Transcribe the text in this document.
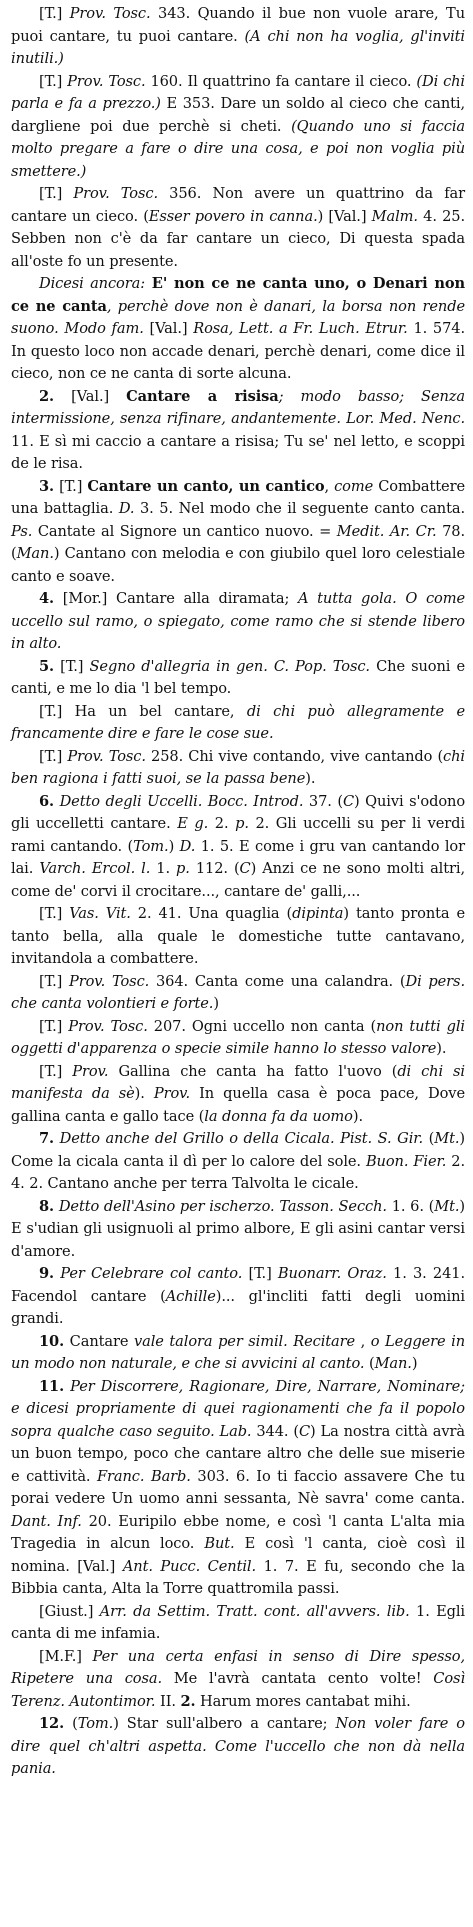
[T.] Prov. Tosc. 343. Quando il bue non vuole arare, Tu puoi cantare, tu puoi cantare. (A chi non ha voglia, gl'inviti inutili.)

[T.] Prov. Tosc. 160. Il quattrino fa cantare il cieco. (Di chi parla e fa a prezzo.) E 353. Dare un soldo al cieco che canti, dargliene poi due perchè si cheti. (Quando uno si faccia molto pregare a fare o dire una cosa, e poi non voglia più smettere.)

[T.] Prov. Tosc. 356. Non avere un quattrino da far cantare un cieco. (Esser povero in canna.) [Val.] Malm. 4. 25. Sebben non c'è da far cantare un cieco, Di questa spada all'oste fo un presente.

Dicesi ancora: E' non ce ne canta uno, o Denari non ce ne canta, perchè dove non è danari, la borsa non rende suono. Modo fam. [Val.] Rosa, Lett. a Fr. Luch. Etrur. 1. 574. In questo loco non accade denari, perchè denari, come dice il cieco, non ce ne canta di sorte alcuna.

2. [Val.] Cantare a risisa; modo basso; Senza intermissione, senza rifinare, andantemente. Lor. Med. Nenc. 11. E sì mi caccio a cantare a risisa; Tu se' nel letto, e scoppi de le risa.

3. [T.] Cantare un canto, un cantico, come Combattere una battaglia. D. 3. 5. Nel modo che il seguente canto canta. Ps. Cantate al Signore un cantico nuovo. = Medit. Ar. Cr. 78. (Man.) Cantano con melodia e con giubilo quel loro celestiale canto e soave.

4. [Mor.] Cantare alla diramata; A tutta gola. O come uccello sul ramo, o spiegato, come ramo che si stende libero in alto.

5. [T.] Segno d'allegria in gen. C. Pop. Tosc. Che suoni e canti, e me lo dia 'l bel tempo.

[T.] Ha un bel cantare, di chi può allegramente e francamente dire e fare le cose sue.

[T.] Prov. Tosc. 258. Chi vive contando, vive cantando (chi ben ragiona i fatti suoi, se la passa bene).

6. Detto degli Uccelli. Bocc. Introd. 37. (C) Quivi s'odono gli uccelletti cantare. E g. 2. p. 2. Gli uccelli su per li verdi rami cantando. (Tom.) D. 1. 5. E come i gru van cantando lor lai. Varch. Ercol. l. 1. p. 112. (C) Anzi ce ne sono molti altri, come de' corvi il crocitare..., cantare de' galli,...

[T.] Vas. Vit. 2. 41. Una quaglia (dipinta) tanto pronta e tanto bella, alla quale le domestiche tutte cantavano, invitandola a combattere.

[T.] Prov. Tosc. 364. Canta come una calandra. (Di pers. che canta volontieri e forte.)

[T.] Prov. Tosc. 207. Ogni uccello non canta (non tutti gli oggetti d'apparenza o specie simile hanno lo stesso valore).

[T.] Prov. Gallina che canta ha fatto l'uovo (di chi si manifesta da sè). Prov. In quella casa è poca pace, Dove gallina canta e gallo tace (la donna fa da uomo).

7. Detto anche del Grillo o della Cicala. Pist. S. Gir. (Mt.) Come la cicala canta il dì per lo calore del sole. Buon. Fier. 2. 4. 2. Cantano anche per terra Talvolta le cicale.

8. Detto dell'Asino per ischerzo. Tasson. Secch. 1. 6. (Mt.) E s'udian gli usignuoli al primo albore, E gli asini cantar versi d'amore.

9. Per Celebrare col canto. [T.] Buonarr. Oraz. 1. 3. 241. Facendol cantare (Achille)... gl'incliti fatti degli uomini grandi.

10. Cantare vale talora per simil. Recitare , o Leggere in un modo non naturale, e che si avvicini al canto. (Man.)

11. Per Discorrere, Ragionare, Dire, Narrare, Nominare; e dicesi propriamente di quei ragionamenti che fa il popolo sopra qualche caso seguito. Lab. 344. (C) La nostra città avrà un buon tempo, poco che cantare altro che delle sue miserie e cattività. Franc. Barb. 303. 6. Io ti faccio assavere Che tu porai vedere Un uomo anni sessanta, Nè savra' come canta. Dant. Inf. 20. Euripilo ebbe nome, e così 'l canta L'alta mia Tragedia in alcun loco. But. E così 'l canta, cioè così il nomina. [Val.] Ant. Pucc. Centil. 1. 7. E fu, secondo che la Bibbia canta, Alta la Torre quattromila passi.

[Giust.] Arr. da Settim. Tratt. cont. all'avvers. lib. 1. Egli canta di me infamia.

[M.F.] Per una certa enfasi in senso di Dire spesso, Ripetere una cosa. Me l'avrà cantata cento volte! Così Terenz. Autontimor. II. 2. Harum mores cantabat mihi.

12. (Tom.) Star sull'albero a cantare; Non voler fare o dire quel ch'altri aspetta. Come l'uccello che non dà nella pania.
